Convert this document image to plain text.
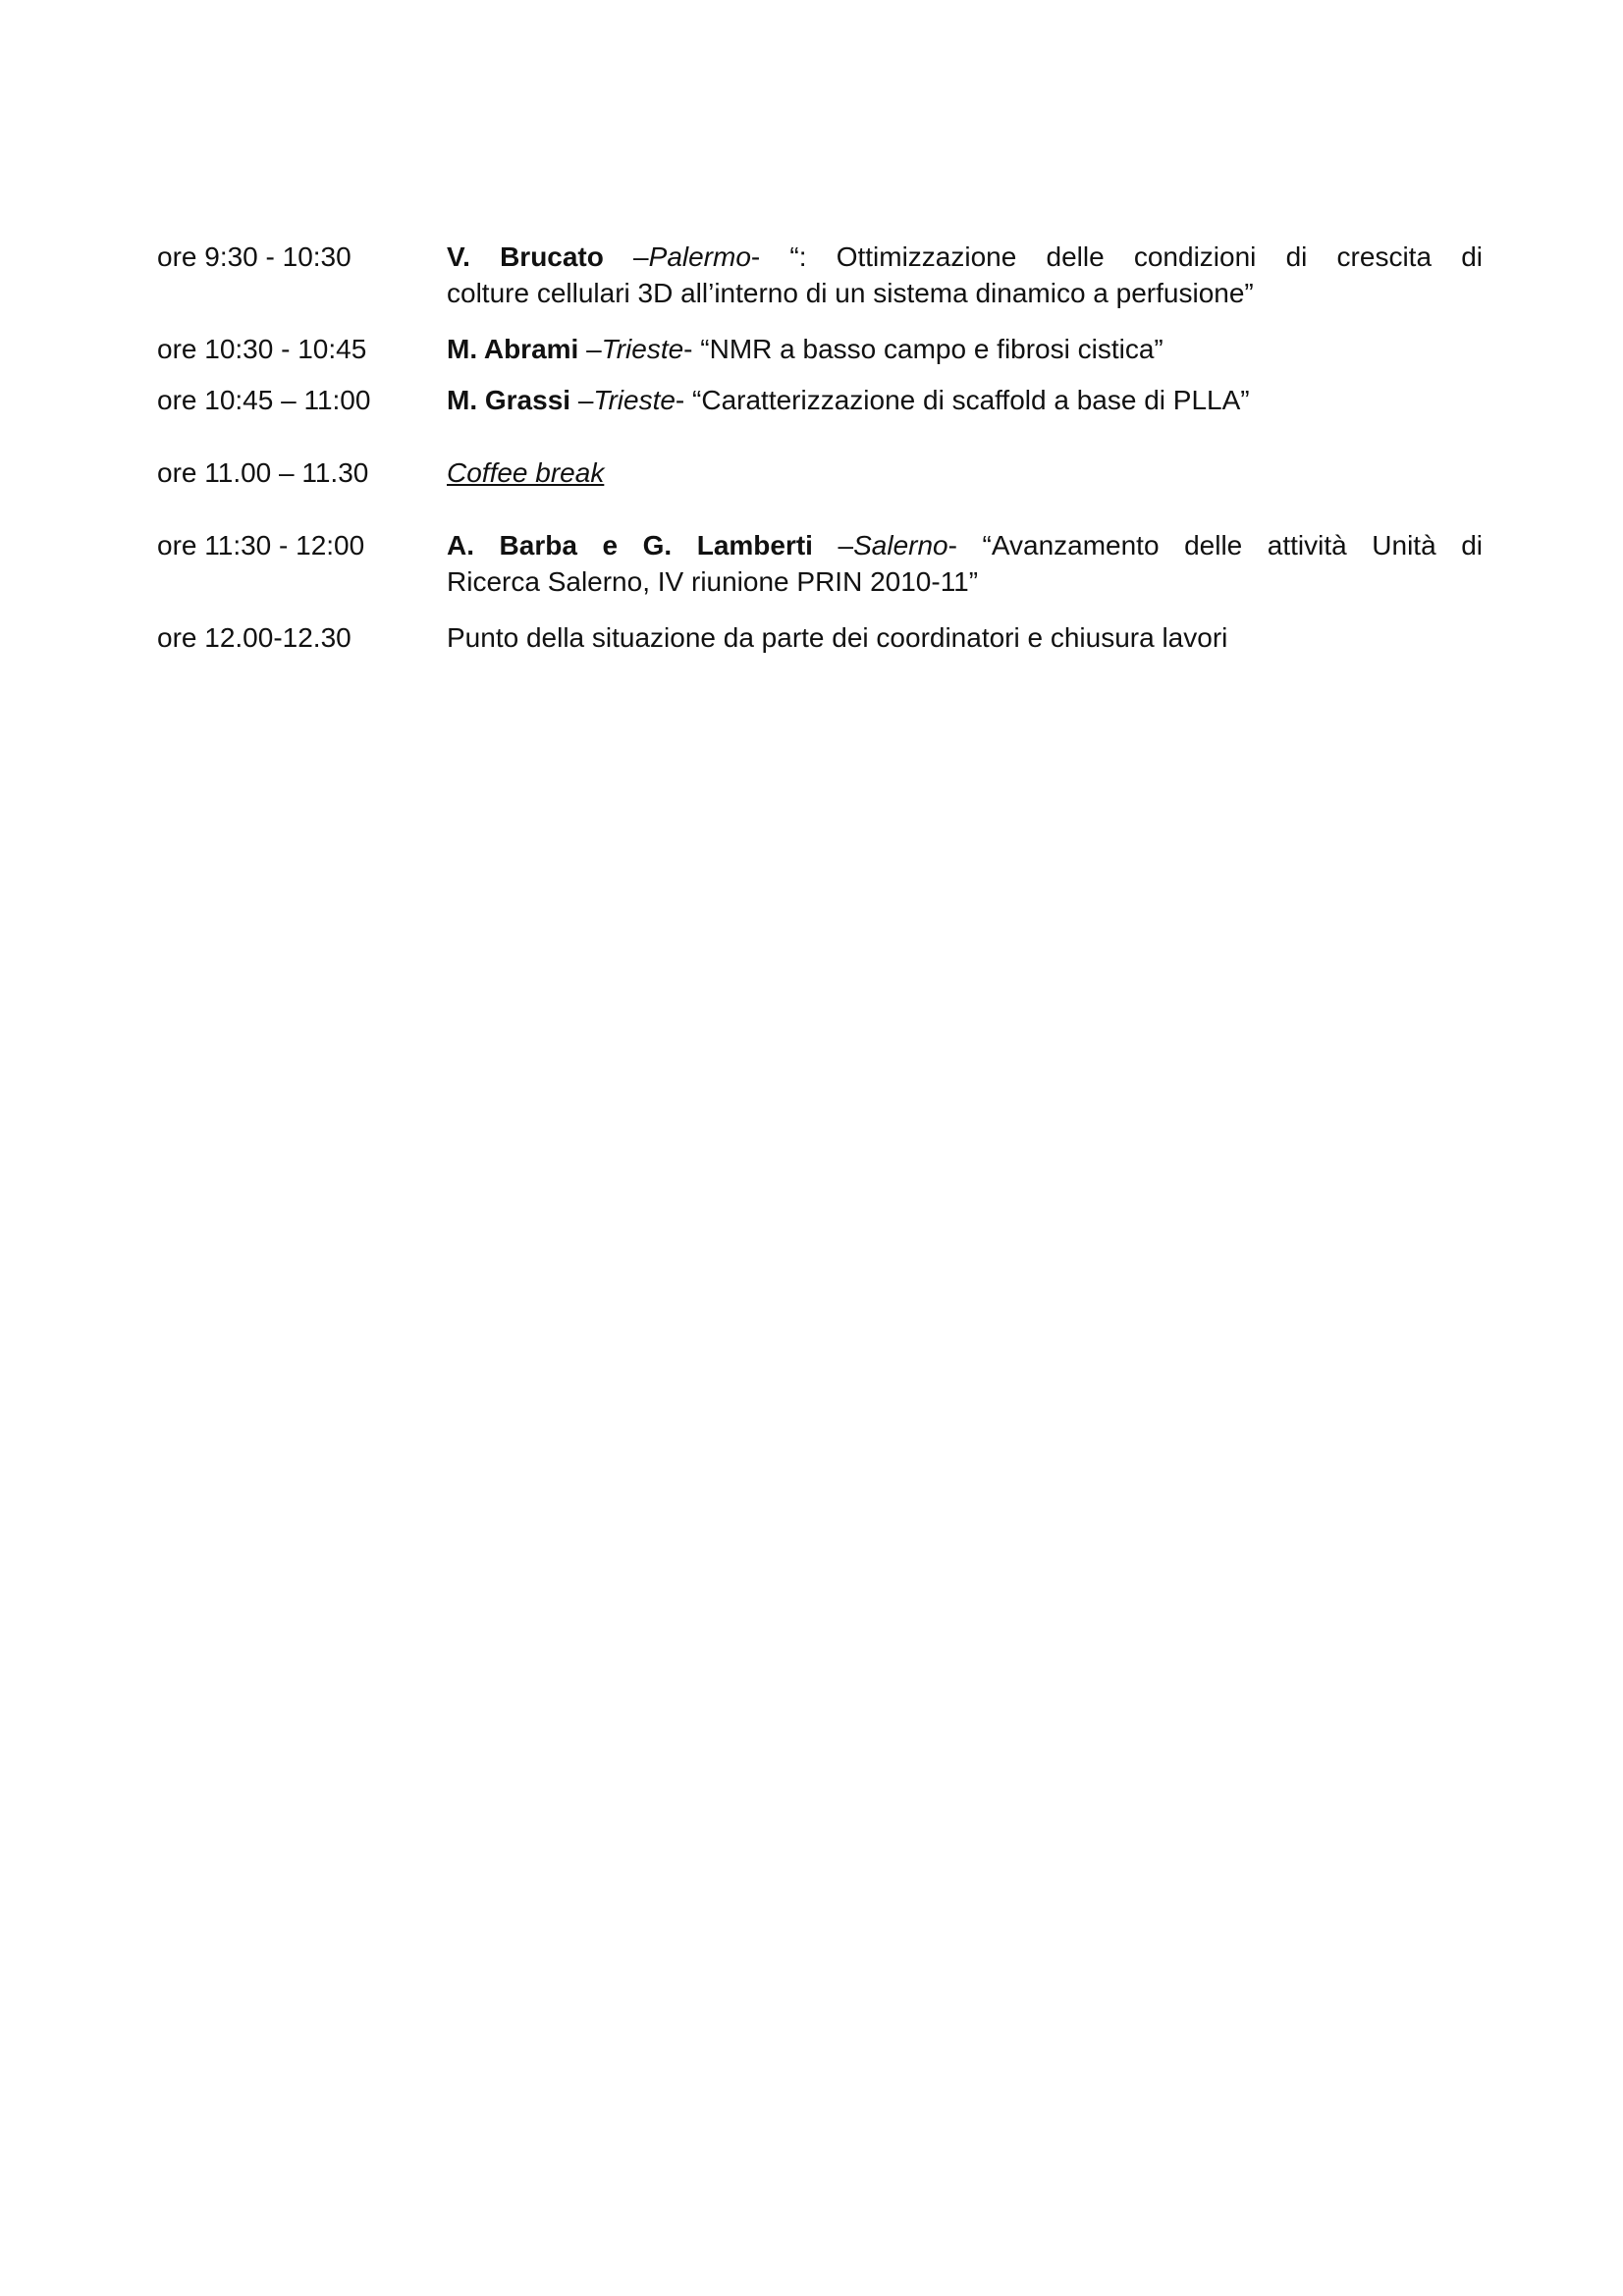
ore 9:30 - 10:30	V. Brucato –Palermo- “: Ottimizzazione delle condizioni di crescita di
colture cellulari 3D all’interno di un sistema dinamico a perfusione”
ore 10:30 - 10:45	M. Abrami –Trieste- “NMR a basso campo e fibrosi cistica”
ore 10:45 – 11:00	M. Grassi –Trieste- “Caratterizzazione di scaffold a base di PLLA”
ore 11.00 – 11.30	Coffee break
ore 11:30 - 12:00	A. Barba e G. Lamberti –Salerno- “Avanzamento delle attività Unità di
Ricerca Salerno, IV riunione PRIN 2010-11”
ore 12.00-12.30	Punto della situazione da parte dei coordinatori e chiusura lavori
